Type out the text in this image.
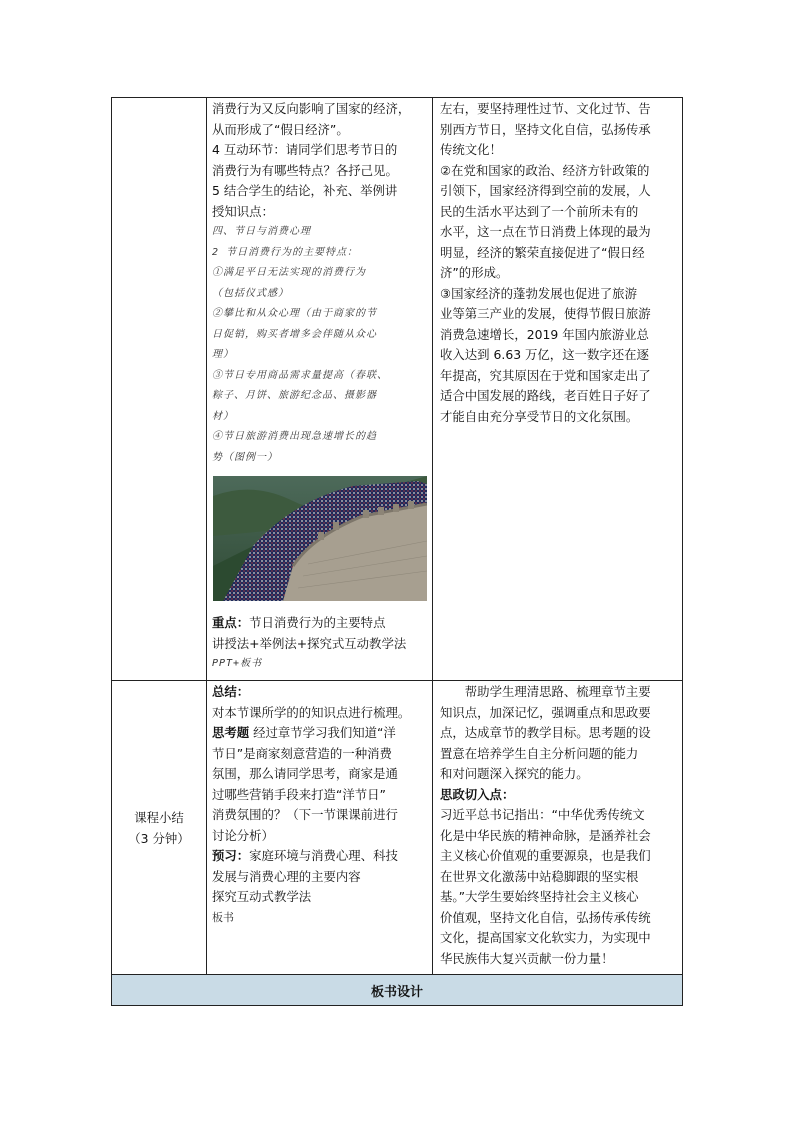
消费行为又反向影响了国家的经济，
从而形成了“假日经济”。
4 互动环节：请同学们思考节日的
消费行为有哪些特点？各抒己见。
5 结合学生的结论，补充、举例讲
授知识点：
四、节日与消费心理
2 节日消费行为的主要特点：
①满足平日无法实现的消费行为
（包括仪式感）
②攀比和从众心理（由于商家的节
日促销，购买者增多会伴随从众心
理）
③节日专用商品需求量提高（春联、
粽子、月饼、旅游纪念品、摄影器
材）
④节日旅游消费出现急速增长的趋
势（图例一）
重点：节日消费行为的主要特点
讲授法+举例法+探究式互动教学法
PPT+板书
左右，要坚持理性过节、文化过节、告
别西方节日，坚持文化自信，弘扬传承
传统文化！
②在党和国家的政治、经济方针政策的
引领下，国家经济得到空前的发展，人
民的生活水平达到了一个前所未有的
水平，这一点在节日消费上体现的最为
明显，经济的繁荣直接促进了“假日经
济”的形成。
③国家经济的蓬勃发展也促进了旅游
业等第三产业的发展，使得节假日旅游
消费急速增长，2019 年国内旅游业总
收入达到 6.63 万亿，这一数字还在逐
年提高，究其原因在于党和国家走出了
适合中国发展的路线，老百姓日子好了
才能自由充分享受节日的文化氛围。
课程小结
（3 分钟）
总结：
对本节课所学的的知识点进行梳理。
思考题 经过章节学习我们知道“洋
节日”是商家刻意营造的一种消费
氛围，那么请同学思考，商家是通
过哪些营销手段来打造“洋节日”
消费氛围的？（下一节课课前进行
讨论分析）
预习：家庭环境与消费心理、科技
发展与消费心理的主要内容
探究互动式教学法
板书
帮助学生理清思路、梳理章节主要
知识点，加深记忆，强调重点和思政要
点，达成章节的教学目标。思考题的设
置意在培养学生自主分析问题的能力
和对问题深入探究的能力。
思政切入点：
习近平总书记指出：“中华优秀传统文
化是中华民族的精神命脉，是涵养社会
主义核心价值观的重要源泉，也是我们
在世界文化激荡中站稳脚跟的坚实根
基。”大学生要始终坚持社会主义核心
价值观，坚持文化自信，弘扬传承传统
文化，提高国家文化软实力，为实现中
华民族伟大复兴贡献一份力量！
板书设计
